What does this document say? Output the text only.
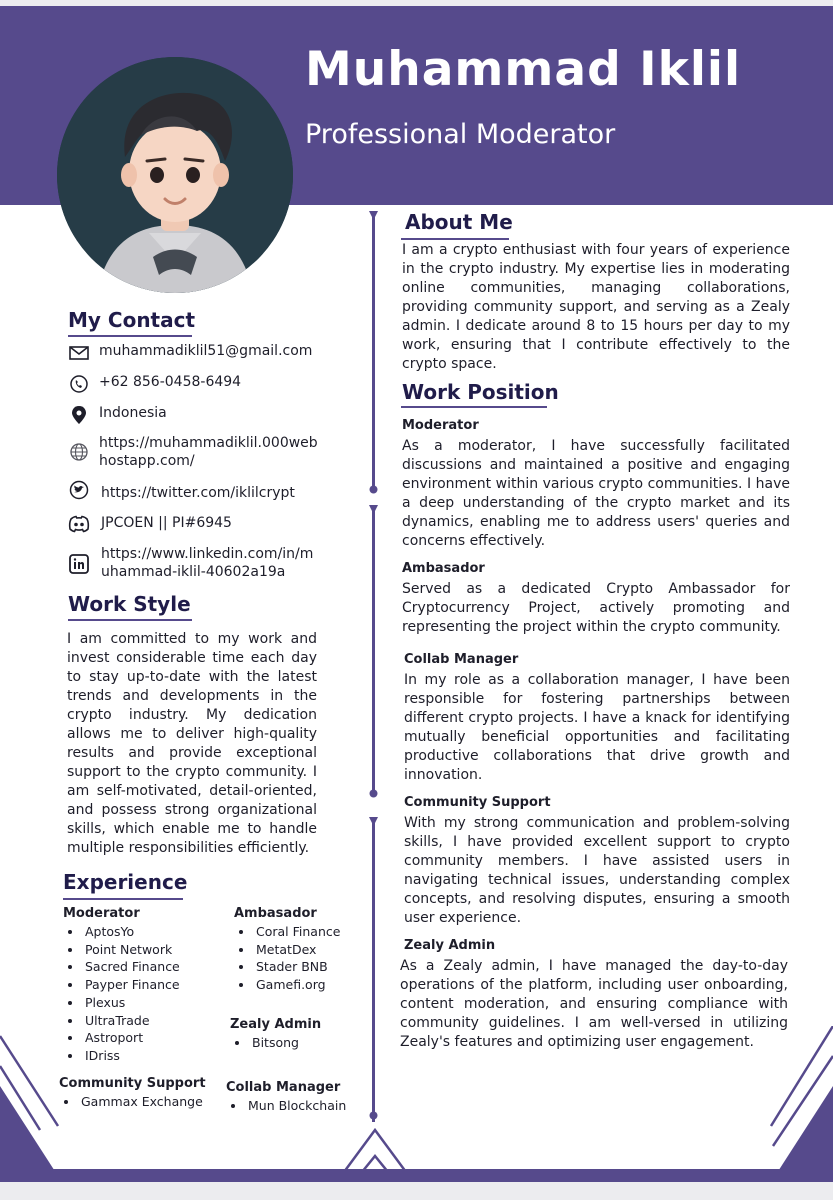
Muhammad Iklil
Professional Moderator
My Contact
muhammadiklil51@gmail.com
+62 856-0458-6494
Indonesia
https://muhammadiklil.000web
hostapp.com/
https://twitter.com/iklilcrypt
JPCOEN || PI#6945
https://www.linkedin.com/in/m
uhammad-iklil-40602a19a
Work Style
I am committed to my work and invest considerable time each day to stay up-to-date with the latest trends and developments in the crypto industry. My dedication allows me to deliver high-quality results and provide exceptional support to the crypto community. I am self-motivated, detail-oriented, and possess strong organizational skills, which enable me to handle multiple responsibilities efficiently.
Experience
Moderator
AptosYo
Point Network
Sacred Finance
Payper Finance
Plexus
UltraTrade
Astroport
IDriss
Ambasador
Coral Finance
MetatDex
Stader BNB
Gamefi.org
Zealy Admin
Bitsong
Community Support
Gammax Exchange
Collab Manager
Mun Blockchain
About Me
I am a crypto enthusiast with four years of experience in the crypto industry. My expertise lies in moderating online communities, managing collaborations, providing community support, and serving as a Zealy admin. I dedicate around 8 to 15 hours per day to my work, ensuring that I contribute effectively to the crypto space.
Work Position
Moderator
As a moderator, I have successfully facilitated discussions and maintained a positive and engaging environment within various crypto communities. I have a deep understanding of the crypto market and its dynamics, enabling me to address users' queries and concerns effectively.
Ambasador
Served as a dedicated Crypto Ambassador for Cryptocurrency Project, actively promoting and representing the project within the crypto community.
Collab Manager
In my role as a collaboration manager, I have been responsible for fostering partnerships between different crypto projects. I have a knack for identifying mutually beneficial opportunities and facilitating productive collaborations that drive growth and innovation.
Community Support
With my strong communication and problem-solving skills, I have provided excellent support to crypto community members. I have assisted users in navigating technical issues, understanding complex concepts, and resolving disputes, ensuring a smooth user experience.
Zealy Admin
As a Zealy admin, I have managed the day-to-day operations of the platform, including user onboarding, content moderation, and ensuring compliance with community guidelines. I am well-versed in utilizing Zealy's features and optimizing user engagement.
